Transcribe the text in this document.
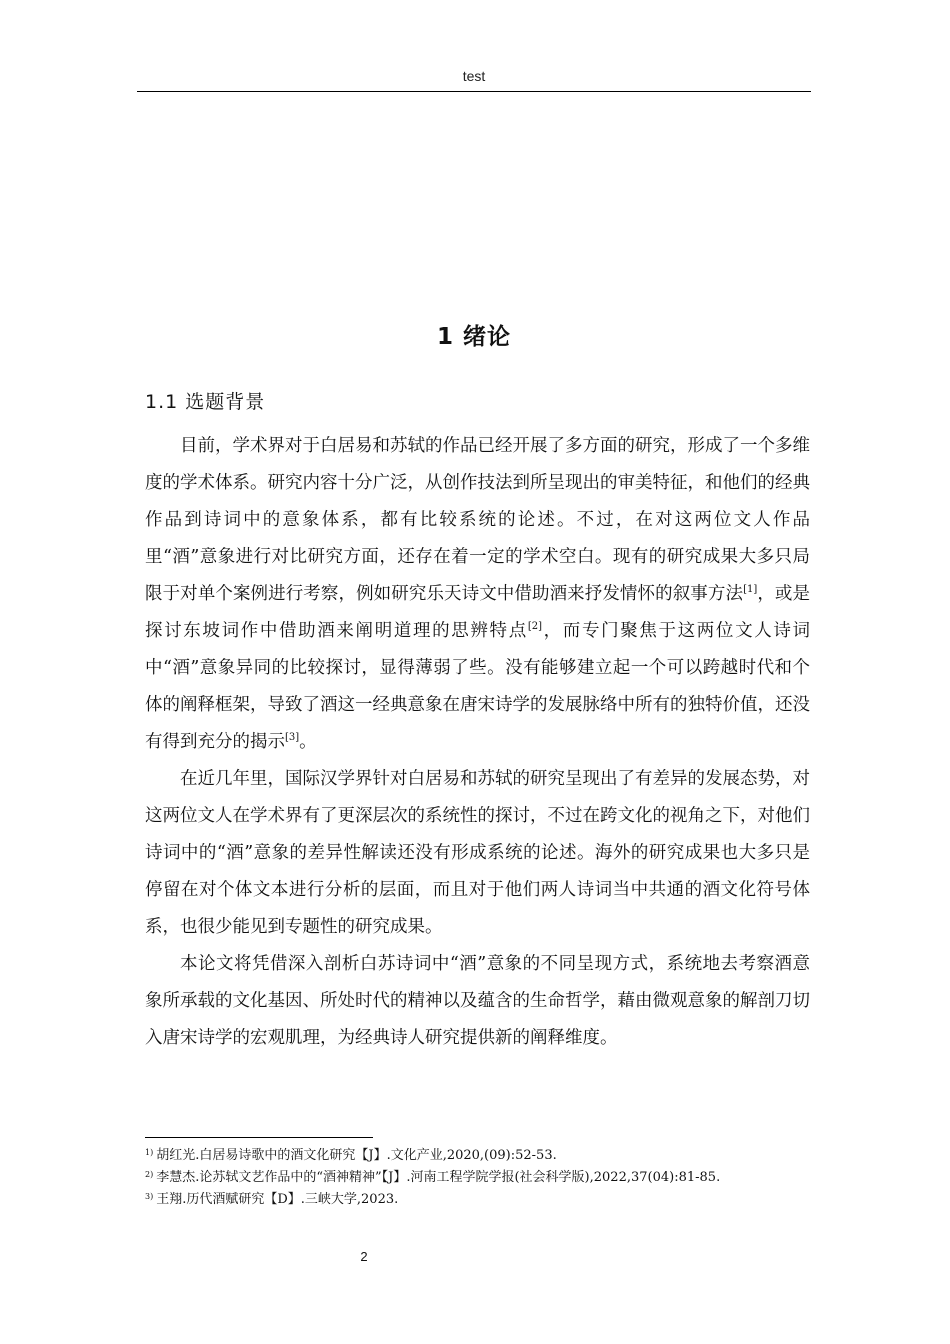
test
1 绪论
1.1 选题背景

目前，学术界对于白居易和苏轼的作品已经开展了多方面的研究，形成了一个多维度的学术体系。研究内容十分广泛，从创作技法到所呈现出的审美特征，和他们的经典作品到诗词中的意象体系，都有比较系统的论述。不过，在对这两位文人作品里“酒”意象进行对比研究方面，还存在着一定的学术空白。现有的研究成果大多只局限于对单个案例进行考察，例如研究乐天诗文中借助酒来抒发情怀的叙事方法[1]，或是探讨东坡词作中借助酒来阐明道理的思辨特点[2]，而专门聚焦于这两位文人诗词中“酒”意象异同的比较探讨，显得薄弱了些。没有能够建立起一个可以跨越时代和个体的阐释框架，导致了酒这一经典意象在唐宋诗学的发展脉络中所有的独特价值，还没有得到充分的揭示[3]。

在近几年里，国际汉学界针对白居易和苏轼的研究呈现出了有差异的发展态势，对这两位文人在学术界有了更深层次的系统性的探讨，不过在跨文化的视角之下，对他们诗词中的“酒”意象的差异性解读还没有形成系统的论述。海外的研究成果也大多只是停留在对个体文本进行分析的层面，而且对于他们两人诗词当中共通的酒文化符号体系，也很少能见到专题性的研究成果。

本论文将凭借深入剖析白苏诗词中“酒”意象的不同呈现方式，系统地去考察酒意象所承载的文化基因、所处时代的精神以及蕴含的生命哲学，藉由微观意象的解剖刀切入唐宋诗学的宏观肌理，为经典诗人研究提供新的阐释维度。

$^{1)}$ 胡红光.白居易诗歌中的酒文化研究【J】.文化产业,2020,(09):52-53.

$^{2)}$ 李慧杰.论苏轼文艺作品中的“酒神精神”【J】.河南工程学院学报(社会科学版),2022,37(04):81-85.

$^{3)}$ 王翔.历代酒赋研究【D】.三峡大学,2023.

2
